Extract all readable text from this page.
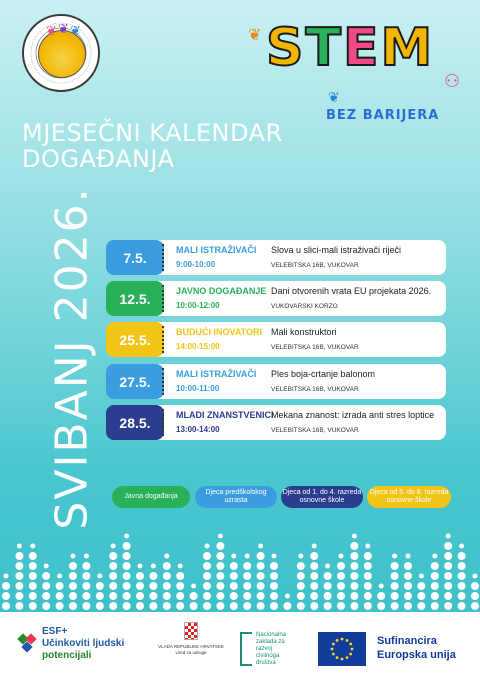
❦ ❦ ❦	STEM
BEZ BARIJERA
❦
❦
⚇
MJESEČNI KALENDAR
DOGAĐANJA
SVIBANJ 2026.	7.5.	MALI ISTRAŽIVAČI
9:00-10:00
Slova u slici-mali istraživači riječi
VELEBITSKA 16B, VUKOVAR
12.5.	JAVNO DOGAĐANJE
10:00-12:00
Dani otvorenih vrata EU projekata 2026.
VUKOVARSKI KORZO
25.5.	BUDUĆI INOVATORI
14:00-15:00
Mali konstruktori
VELEBITSKA 16B, VUKOVAR
27.5.	MALI ISTRAŽIVAČI
10:00-11:00
Ples boja-crtanje balonom
VELEBITSKA 16B, VUKOVAR
28.5.	MLADI ZNANSTVENICI
13:00-14:00
Mekana znanost: izrada anti stres loptice
VELEBITSKA 16B, VUKOVAR
Javna događanja
Djeca predškolskog uzrasta
Djeca od 1. do 4. razreda osnovne škole
Djeca od 5. do 8. razreda osnovne škole
ESF+
Učinkoviti ljudski
potencijali
VLADA REPUBLIKE HRVATSKE
Ured za udruge
Nacionalna
zaklada za
razvoj
civilnoga
društva
Sufinancira
Europska unija
